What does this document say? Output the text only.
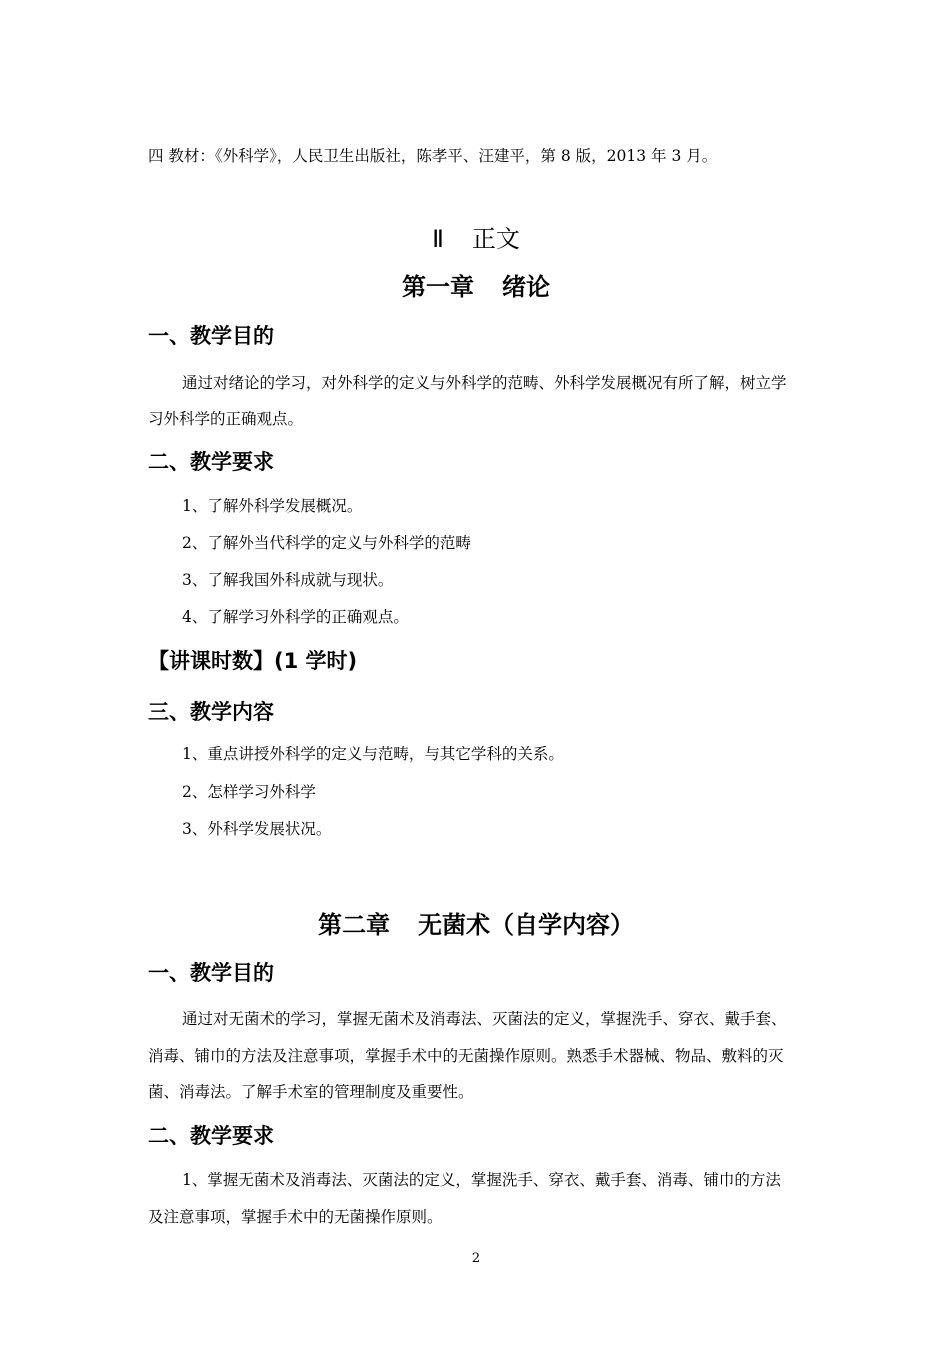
四 教材：《外科学》，人民卫生出版社，陈孝平、汪建平，第 8 版，2013 年 3 月。
Ⅱ 正文
第一章 绪论
一、教学目的
通过对绪论的学习，对外科学的定义与外科学的范畴、外科学发展概况有所了解，树立学
习外科学的正确观点。
二、教学要求
1、了解外科学发展概况。
2、了解外当代科学的定义与外科学的范畴
3、了解我国外科成就与现状。
4、了解学习外科学的正确观点。
【讲课时数】(1 学时)
三、教学内容
1、重点讲授外科学的定义与范畴，与其它学科的关系。
2、怎样学习外科学
3、外科学发展状况。
第二章 无菌术（自学内容）
一、教学目的
通过对无菌术的学习，掌握无菌术及消毒法、灭菌法的定义，掌握洗手、穿衣、戴手套、
消毒、铺巾的方法及注意事项，掌握手术中的无菌操作原则。熟悉手术器械、物品、敷料的灭
菌、消毒法。了解手术室的管理制度及重要性。
二、教学要求
1、掌握无菌术及消毒法、灭菌法的定义，掌握洗手、穿衣、戴手套、消毒、铺巾的方法
及注意事项，掌握手术中的无菌操作原则。
2
